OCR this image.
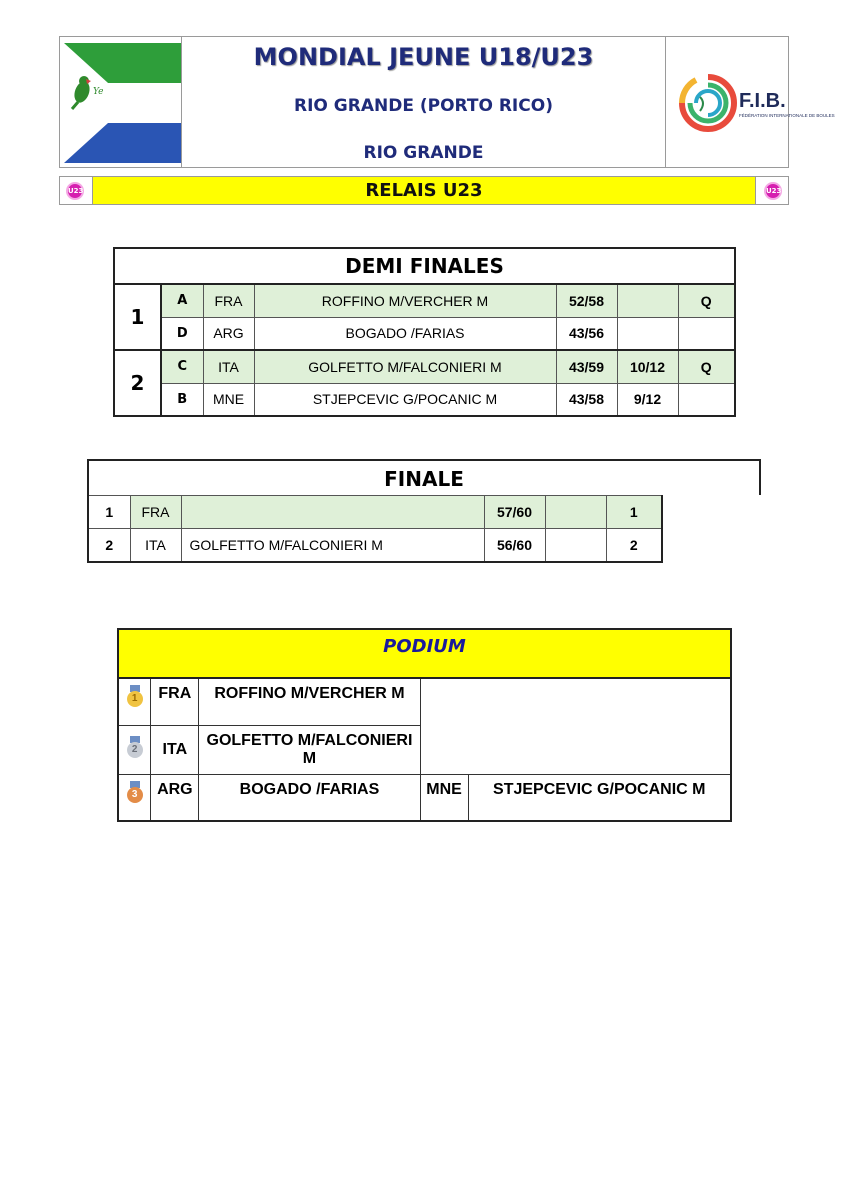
Ye
MONDIAL JEUNE U18/U23
RIO GRANDE (PORTO RICO)
RIO GRANDE
F.I.B.
FÉDÉRATION INTERNATIONALE DE BOULES
U23	RELAIS U23	U23
DEMI FINALES						
1	A	FRA	ROFFINO M/VERCHER M	52/58		Q
	D	ARG	BOGADO /FARIAS	43/56		
2	C	ITA	GOLFETTO M/FALCONIERI M	43/59	10/12	Q
	B	MNE	STJEPCEVIC G/POCANIC M	43/58	9/12	
FINALE
1	FRA		57/60		1
2	ITA	GOLFETTO M/FALCONIERI M	56/60		2
PODIUM				

1	FRA	ROFFINO M/VERCHER M		

2	ITA	GOLFETTO M/FALCONIERI M		

3	ARG	BOGADO /FARIAS	MNE	STJEPCEVIC G/POCANIC M
